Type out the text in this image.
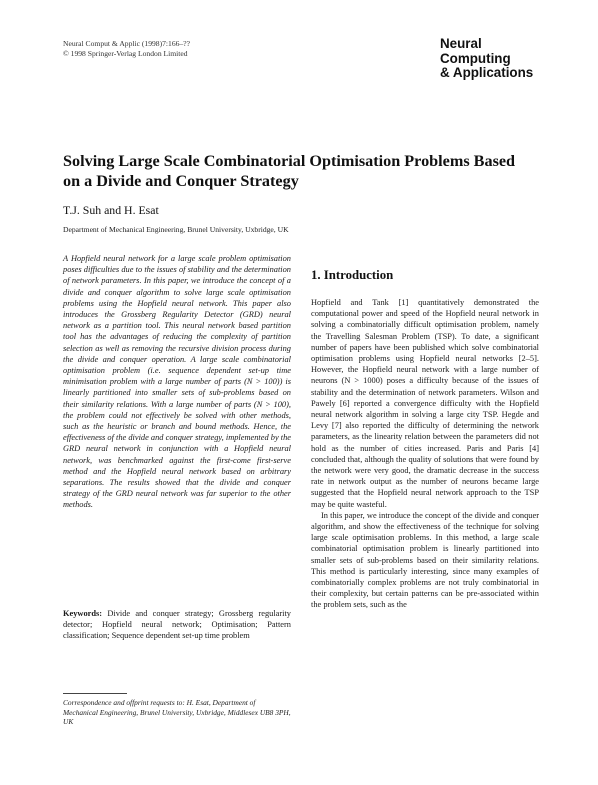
Neural Comput & Applic (1998)7:166–??
© 1998 Springer-Verlag London Limited
Neural
Computing
& Applications
Solving Large Scale Combinatorial Optimisation Problems Based on a Divide and Conquer Strategy
T.J. Suh and H. Esat
Department of Mechanical Engineering, Brunel University, Uxbridge, UK

A Hopfield neural network for a large scale problem optimisation poses difficulties due to the issues of stability and the determination of network parameters. In this paper, we introduce the concept of a divide and conquer algorithm to solve large scale optimisation problems using the Hopfield neural network. This paper also introduces the Grossberg Regularity Detector (GRD) neural network as a partition tool. This neural network based partition tool has the advantages of reducing the complexity of partition selection as well as removing the recursive division process during the divide and conquer operation. A large scale combinatorial optimisation problem (i.e. sequence dependent set-up time minimisation problem with a large number of parts (N > 100)) is linearly partitioned into smaller sets of sub-problems based on their similarity relations. With a large number of parts (N > 100), the problem could not effectively be solved with other methods, such as the heuristic or branch and bound methods. Hence, the effectiveness of the divide and conquer strategy, implemented by the GRD neural network in conjunction with a Hopfield neural network, was benchmarked against the first-come first-serve method and the Hopfield neural network based on arbitrary separations. The results showed that the divide and conquer strategy of the GRD neural network was far superior to the other methods.

Keywords: Divide and conquer strategy; Grossberg regularity detector; Hopfield neural network; Optimisation; Pattern classification; Sequence dependent set-up time problem

Correspondence and offprint requests to: H. Esat, Department of Mechanical Engineering, Brunel University, Uxbridge, Middlesex UB8 3PH, UK

1. Introduction

Hopfield and Tank [1] quantitatively demonstrated the computational power and speed of the Hopfield neural network in solving a combinatorially difficult optimisation problem, namely the Travelling Salesman Problem (TSP). To date, a significant number of papers have been published which solve combinatorial optimisation problems using Hopfield neural networks [2–5]. However, the Hopfield neural network with a large number of neurons (N > 1000) poses a difficulty because of the issues of stability and the determination of network parameters. Wilson and Pawely [6] reported a convergence difficulty with the Hopfield neural network algorithm in solving a large city TSP. Hegde and Levy [7] also reported the difficulty of determining the network parameters, as the linearity relation between the parameters did not hold as the number of cities increased. Paris and Paris [4] concluded that, although the quality of solutions that were found by the network were very good, the dramatic decrease in the success rate in network output as the number of neurons became large suggested that the Hopfield neural network approach to the TSP may be quite wasteful.

In this paper, we introduce the concept of the divide and conquer algorithm, and show the effectiveness of the technique for solving large scale optimisation problems. In this method, a large scale combinatorial optimisation problem is linearly partitioned into smaller sets of sub-problems based on their similarity relations. This method is particularly interesting, since many examples of combinatorially complex problems are not truly combinatorial in their complexity, but certain patterns can be pre-associated within the problem sets, such as the
